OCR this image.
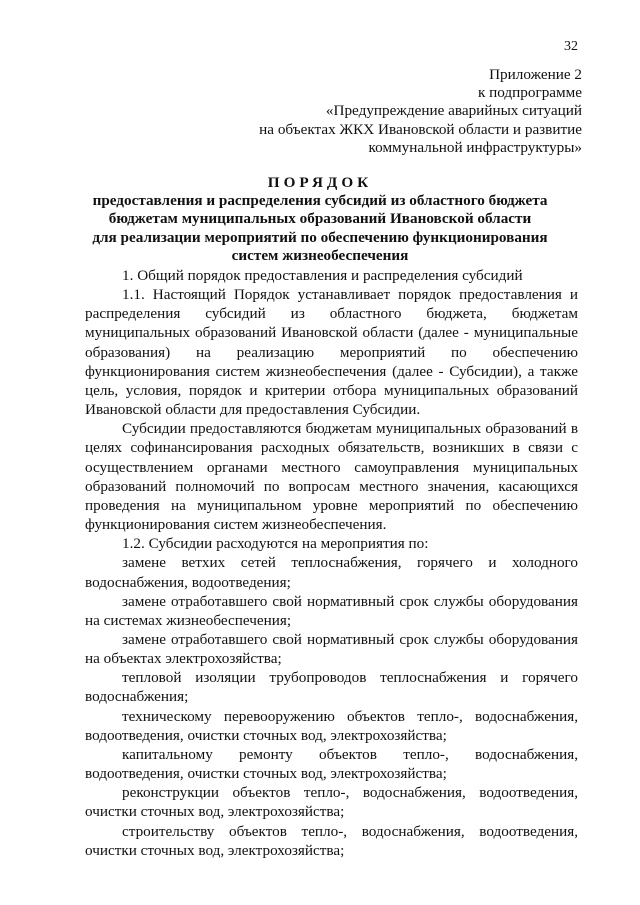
32
Приложение 2
к подпрограмме
«Предупреждение аварийных ситуаций
на объектах ЖКХ Ивановской области и развитие
коммунальной инфраструктуры»
ПОРЯДОК
предоставления и распределения субсидий из областного бюджета
бюджетам муниципальных образований Ивановской области
для реализации мероприятий по обеспечению функционирования
систем жизнеобеспечения

1. Общий порядок предоставления и распределения субсидий

1.1. Настоящий Порядок устанавливает порядок предоставления и распределения субсидий из областного бюджета, бюджетам муниципальных образований Ивановской области (далее - муниципальные образования) на реализацию мероприятий по обеспечению функционирования систем жизнеобеспечения (далее - Субсидии), а также цель, условия, порядок и критерии отбора муниципальных образований Ивановской области для предоставления Субсидии.

Субсидии предоставляются бюджетам муниципальных образований в целях софинансирования расходных обязательств, возникших в связи с осуществлением органами местного самоуправления муниципальных образований полномочий по вопросам местного значения, касающихся проведения на муниципальном уровне мероприятий по обеспечению функционирования систем жизнеобеспечения.

1.2. Субсидии расходуются на мероприятия по:

замене ветхих сетей теплоснабжения, горячего и холодного водоснабжения, водоотведения;

замене отработавшего свой нормативный срок службы оборудования на системах жизнеобеспечения;

замене отработавшего свой нормативный срок службы оборудования на объектах электрохозяйства;

тепловой изоляции трубопроводов теплоснабжения и горячего водоснабжения;

техническому перевооружению объектов тепло-, водоснабжения, водоотведения, очистки сточных вод, электрохозяйства;

капитальному ремонту объектов тепло-, водоснабжения, водоотведения, очистки сточных вод, электрохозяйства;

реконструкции объектов тепло-, водоснабжения, водоотведения, очистки сточных вод, электрохозяйства;

строительству объектов тепло-, водоснабжения, водоотведения, очистки сточных вод, электрохозяйства;
